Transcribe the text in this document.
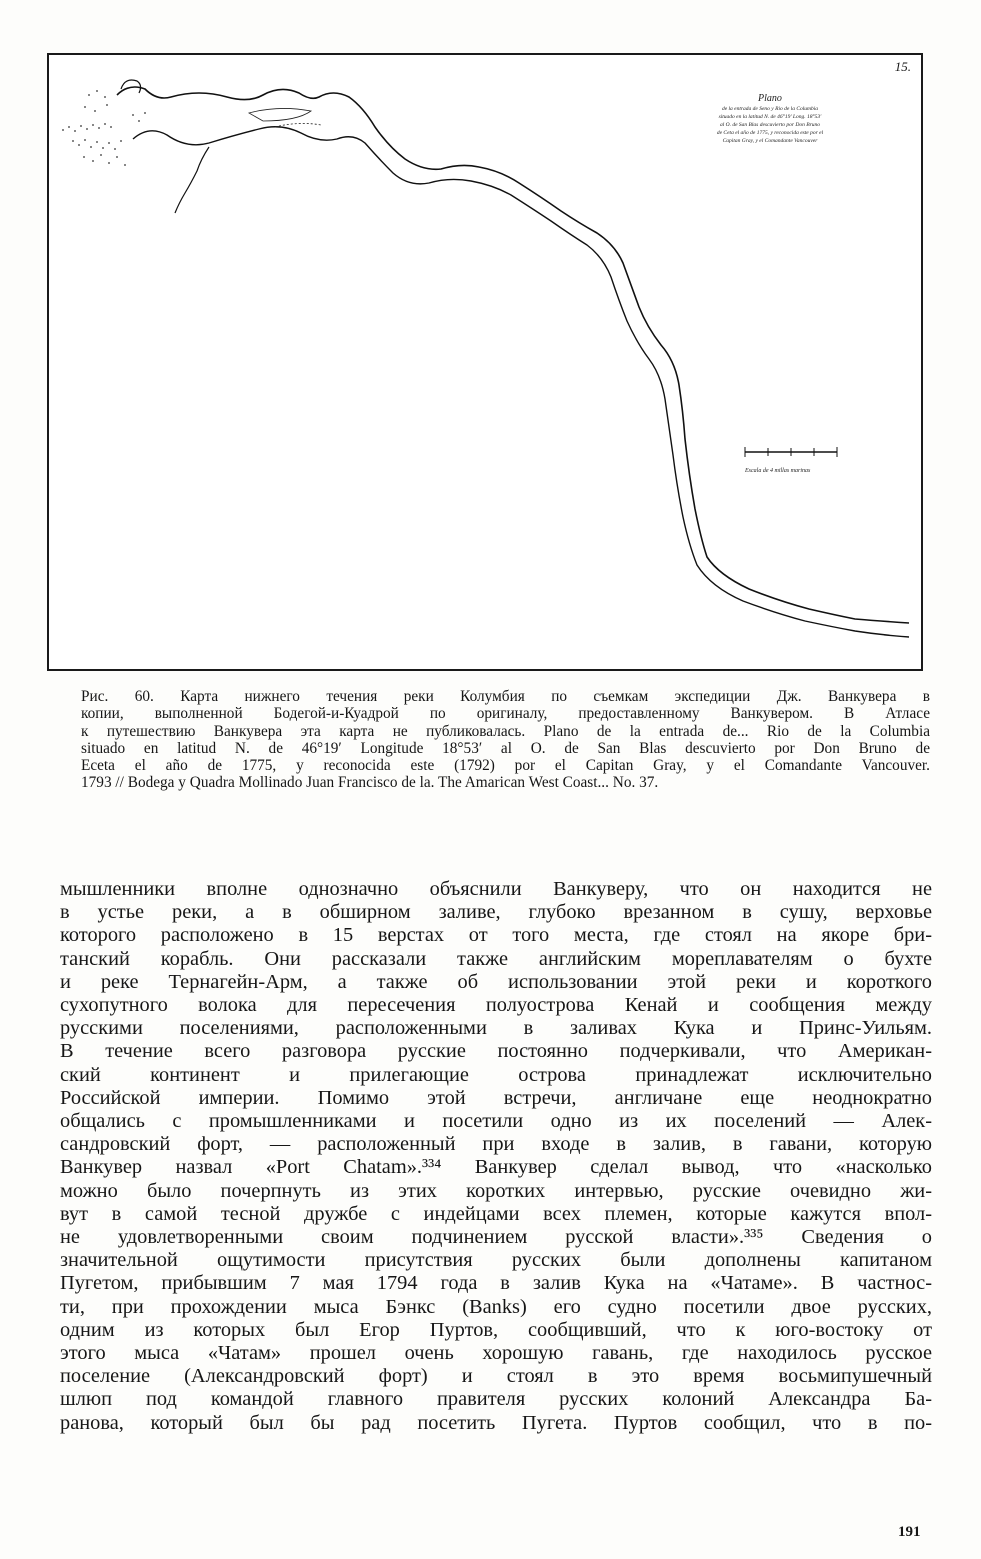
15.
Plano
de la entrada de Seno y Rio de la Columbia
situado en la latitud N. de 46°19′ Long. 18°53′
al O. de San Blas descuvierto por Don Bruno
de Ceta el año de 1775, y reconocida este por el
Capitan Gray, y el Comandante Vancouver
Escala de 4 millas marinas
Рис. 60. Карта нижнего течения реки Колумбия по съемкам экспедиции Дж. Ванкувера в
копии, выполненной Бодегой-и-Куадрой по оригиналу, предоставленному Ванкувером. В Атласе
к путешествию Ванкувера эта карта не публиковалась. Plano de la entrada de... Rio de la Columbia
situado en latitud N. de 46°19′ Longitude 18°53′ al O. de San Blas descuvierto por Don Bruno de
Eceta el año de 1775, y reconocida este (1792) por el Capitan Gray, y el Comandante Vancouver.
1793 // Bodega y Quadra Mollinado Juan Francisco de la. The Amarican West Coast... No. 37.
мышленники вполне однозначно объяснили Ванкуверу, что он находится не
в устье реки, а в обширном заливе, глубоко врезанном в сушу, верховье
которого расположено в 15 верстах от того места, где стоял на якоре бри-
танский корабль. Они рассказали также английским мореплавателям о бухте
и реке Тернагейн-Арм, а также об использовании этой реки и короткого
сухопутного волока для пересечения полуострова Кенай и сообщения между
русскими поселениями, расположенными в заливах Кука и Принс-Уильям.
В течение всего разговора русские постоянно подчеркивали, что Американ-
ский континент и прилегающие острова принадлежат исключительно
Российской империи. Помимо этой встречи, англичане еще неоднократно
общались с промышленниками и посетили одно из их поселений — Алек-
сандровский форт, — расположенный при входе в залив, в гавани, которую
Ванкувер назвал «Port Chatam».³³⁴ Ванкувер сделал вывод, что «насколько
можно было почерпнуть из этих коротких интервью, русские очевидно жи-
вут в самой тесной дружбе с индейцами всех племен, которые кажутся впол-
не удовлетворенными своим подчинением русской власти».³³⁵ Сведения о
значительной ощутимости присутствия русских были дополнены капитаном
Пугетом, прибывшим 7 мая 1794 года в залив Кука на «Чатаме». В частнос-
ти, при прохождении мыса Бэнкс (Banks) его судно посетили двое русских,
одним из которых был Егор Пуртов, сообщивший, что к юго-востоку от
этого мыса «Чатам» прошел очень хорошую гавань, где находилось русское
поселение (Александровский форт) и стоял в это время восьмипушечный
шлюп под командой главного правителя русских колоний Александра Ба-
ранова, который был бы рад посетить Пугета. Пуртов сообщил, что в по-
191
